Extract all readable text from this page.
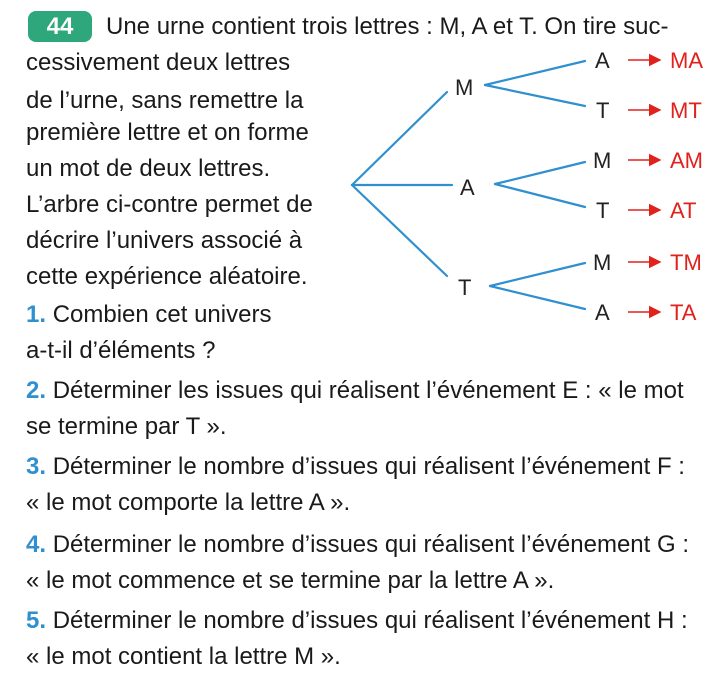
44	Une urne contient trois lettres : M, A et T. On tire suc-
cessivement deux lettres
de l’urne, sans remettre la
première lettre et on forme
un mot de deux lettres.
L’arbre ci-contre permet de
décrire l’univers associé à
cette expérience aléatoire.
1. Combien cet univers
a-t-il d’éléments ?
2. Déterminer les issues qui réalisent l’événement E : « le mot
se termine par T ».
3. Déterminer le nombre d’issues qui réalisent l’événement F :
« le mot comporte la lettre A ».
4. Déterminer le nombre d’issues qui réalisent l’événement G :
« le mot commence et se termine par la lettre A ».
5. Déterminer le nombre d’issues qui réalisent l’événement H :
« le mot contient la lettre M ».
M
A
T
A
T
M
T
M
A
MA
MT
AM
AT
TM
TA
